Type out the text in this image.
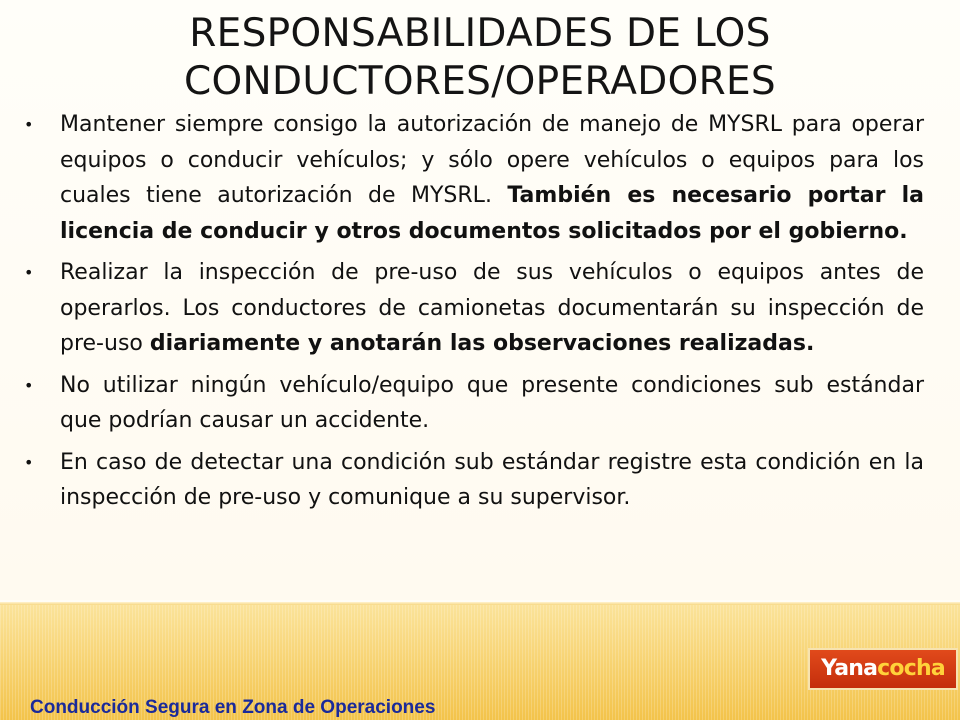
RESPONSABILIDADES DE LOS
CONDUCTORES/OPERADORES
• Mantener siempre consigo la autorización de manejo de MYSRL para operar equipos o conducir vehículos; y sólo opere vehículos o equipos para los cuales tiene autorización de MYSRL. También es necesario portar la licencia de conducir y otros documentos solicitados por el gobierno.
• Realizar la inspección de pre-uso de sus vehículos o equipos antes de operarlos. Los conductores de camionetas documentarán su inspección de pre-uso diariamente y anotarán las observaciones realizadas.
• No utilizar ningún vehículo/equipo que presente condiciones sub estándar que podrían causar un accidente.
• En caso de detectar una condición sub estándar registre esta condición en la inspección de pre-uso y comunique a su supervisor.
Yanacocha
Conducción Segura en Zona de Operaciones
